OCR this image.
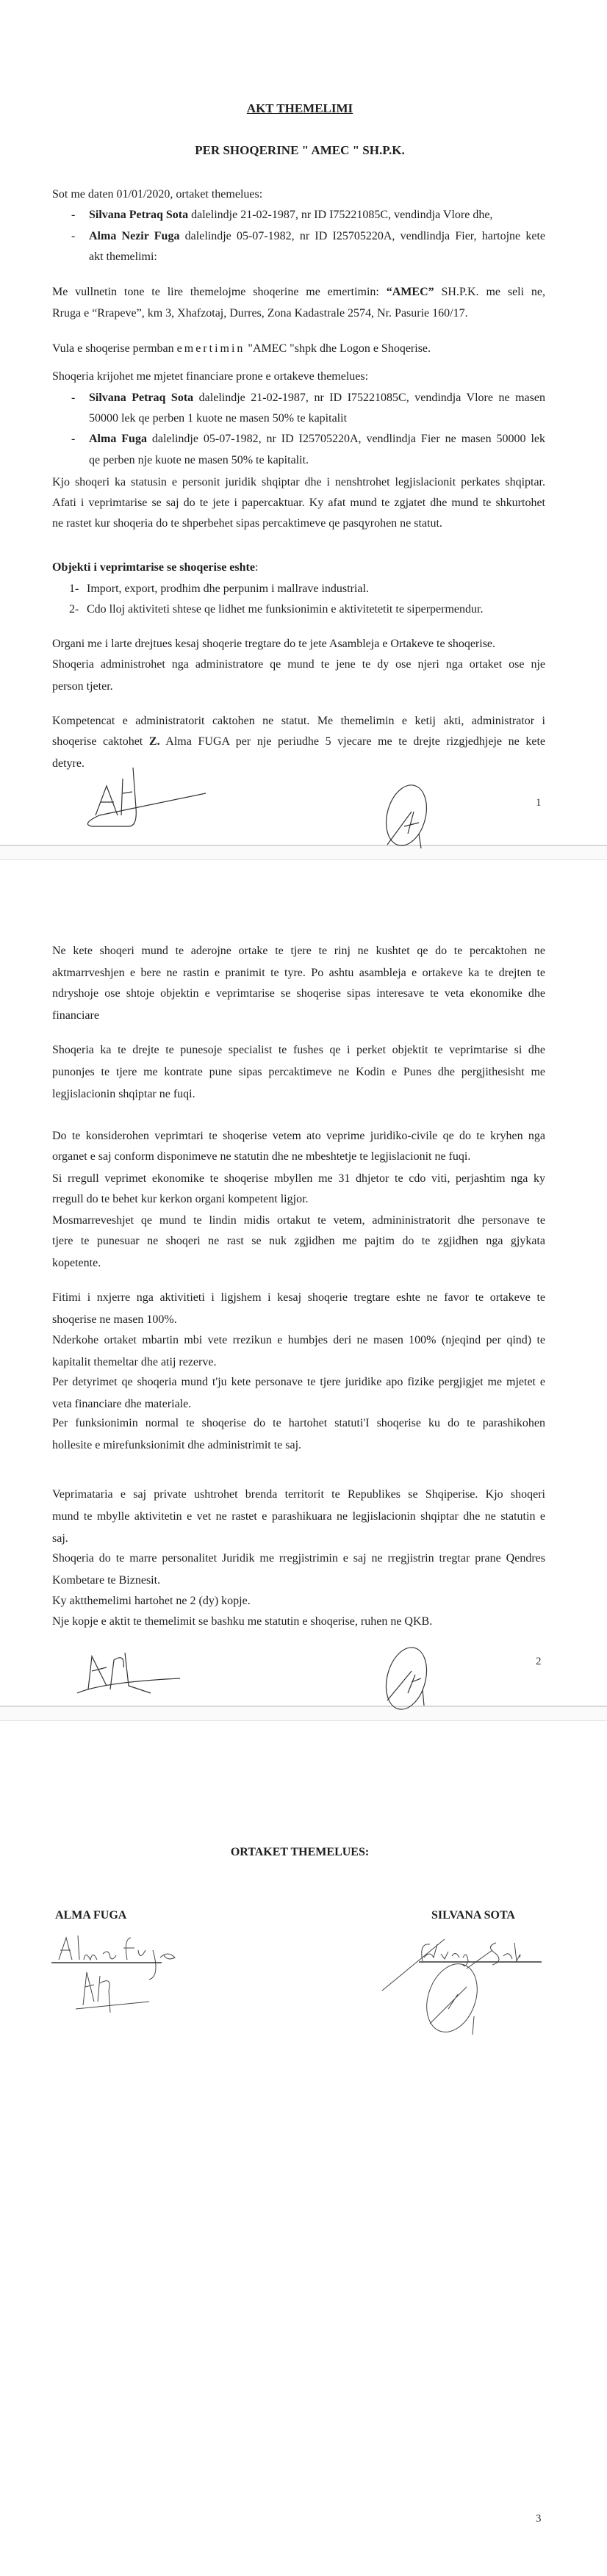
AKT THEMELIMI
PER SHOQERINE " AMEC " SH.P.K.
Sot me daten 01/01/2020, ortaket themelues:
- Silvana Petraq Sota dalelindje 21-02-1987, nr ID I75221085C, vendindja Vlore dhe,
- Alma Nezir Fuga dalelindje 05-07-1982, nr ID I25705220A, vendlindja Fier, hartojne kete
akt themelimi:
Me vullnetin tone te lire themelojme shoqerine me emertimin: “AMEC” SH.P.K. me seli ne,
Rruga e “Rrapeve”, km 3, Xhafzotaj, Durres, Zona Kadastrale 2574, Nr. Pasurie 160/17.
Vula e shoqerise permban emertimin "AMEC "shpk dhe Logon e Shoqerise.
Shoqeria krijohet me mjetet financiare prone e ortakeve themelues:
- Silvana Petraq Sota dalelindje 21-02-1987, nr ID I75221085C, vendindja Vlore ne masen
50000 lek qe perben 1 kuote ne masen 50% te kapitalit
- Alma Fuga dalelindje 05-07-1982, nr ID I25705220A, vendlindja Fier ne masen 50000 lek
qe perben nje kuote ne masen 50% te kapitalit.
Kjo shoqeri ka statusin e personit juridik shqiptar dhe i nenshtrohet legjislacionit perkates shqiptar.
Afati i veprimtarise se saj do te jete i papercaktuar. Ky afat mund te zgjatet dhe mund te shkurtohet
ne rastet kur shoqeria do te shperbehet sipas percaktimeve qe pasqyrohen ne statut.
Objekti i veprimtarise se shoqerise eshte:
1- Import, export, prodhim dhe perpunim i mallrave industrial.
2- Cdo lloj aktiviteti shtese qe lidhet me funksionimin e aktivitetetit te siperpermendur.
Organi me i larte drejtues kesaj shoqerie tregtare do te jete Asambleja e Ortakeve te shoqerise.
Shoqeria administrohet nga administratore qe mund te jene te dy ose njeri nga ortaket ose nje
person tjeter.
Kompetencat e administratorit caktohen ne statut. Me themelimin e ketij akti, administrator i
shoqerise caktohet Z. Alma FUGA per nje periudhe 5 vjecare me te drejte rizgjedhjeje ne kete
detyre.
Ne kete shoqeri mund te aderojne ortake te tjere te rinj ne kushtet qe do te percaktohen ne
aktmarrveshjen e bere ne rastin e pranimit te tyre. Po ashtu asambleja e ortakeve ka te drejten te
ndryshoje ose shtoje objektin e veprimtarise se shoqerise sipas interesave te veta ekonomike dhe
financiare
Shoqeria ka te drejte te punesoje specialist te fushes qe i perket objektit te veprimtarise si dhe
punonjes te tjere me kontrate pune sipas percaktimeve ne Kodin e Punes dhe pergjithesisht me
legjislacionin shqiptar ne fuqi.
Do te konsiderohen veprimtari te shoqerise vetem ato veprime juridiko-civile qe do te kryhen nga
organet e saj conform disponimeve ne statutin dhe ne mbeshtetje te legjislacionit ne fuqi.
Si rregull veprimet ekonomike te shoqerise mbyllen me 31 dhjetor te cdo viti, perjashtim nga ky
rregull do te behet kur kerkon organi kompetent ligjor.
Mosmarreveshjet qe mund te lindin midis ortakut te vetem, admininistratorit dhe personave te
tjere te punesuar ne shoqeri ne rast se nuk zgjidhen me pajtim do te zgjidhen nga gjykata
kopetente.
Fitimi i nxjerre nga aktivitieti i ligjshem i kesaj shoqerie tregtare eshte ne favor te ortakeve te
shoqerise ne masen 100%.
Nderkohe ortaket mbartin mbi vete rrezikun e humbjes deri ne masen 100% (njeqind per qind) te
kapitalit themeltar dhe atij rezerve.
Per detyrimet qe shoqeria mund t'ju kete personave te tjere juridike apo fizike pergjigjet me mjetet e
veta financiare dhe materiale.
Per funksionimin normal te shoqerise do te hartohet statuti'I shoqerise ku do te parashikohen
hollesite e mirefunksionimit dhe administrimit te saj.
Veprimataria e saj private ushtrohet brenda territorit te Republikes se Shqiperise. Kjo shoqeri
mund te mbylle aktivitetin e vet ne rastet e parashikuara ne legjislacionin shqiptar dhe ne statutin e
saj.
Shoqeria do te marre personalitet Juridik me rregjistrimin e saj ne rregjistrin tregtar prane Qendres
Kombetare te Biznesit.
Ky aktthemelimi hartohet ne 2 (dy) kopje.
Nje kopje e aktit te themelimit se bashku me statutin e shoqerise, ruhen ne QKB.
1
2
3
ORTAKET THEMELUES:
ALMA FUGA	SILVANA SOTA
